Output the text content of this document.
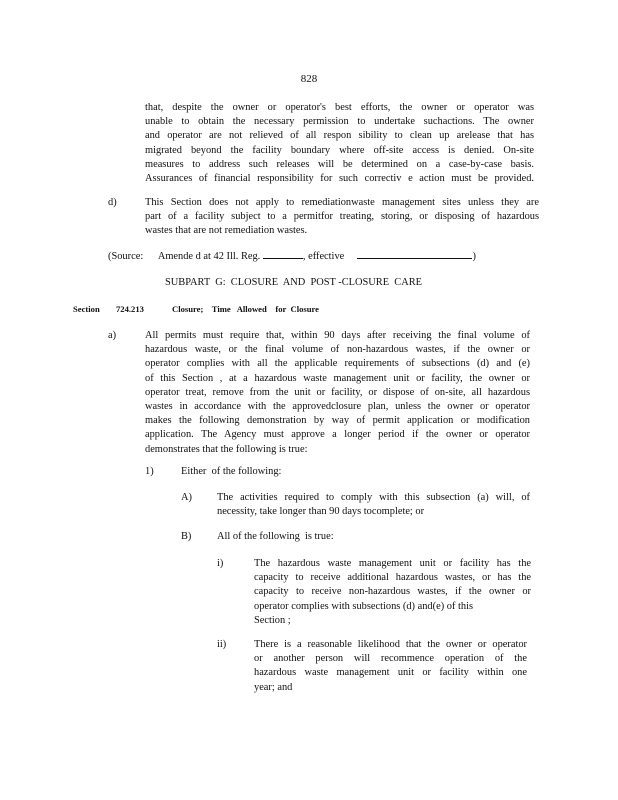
828
that, despite the owner or operator's best efforts, the owner or operator was
unable to obtain the necessary permission to undertake suchactions. The owner
and operator are not relieved of all respon sibility to clean up arelease that has
migrated beyond the facility boundary where off-site access is denied. On-site
measures to address such releases will be determined on a case-by-case basis.
Assurances of financial responsibility for such correctiv e action must be provided.
d)	This Section does not apply to remediationwaste management sites unless they are
part of a facility subject to a permitfor treating, storing, or disposing of hazardous
wastes that are not remediation wastes.
(Source: Amende d at 42 Ill. Reg.	, effective	)
SUBPART  G:  CLOSURE  AND  POST -CLOSURE  CARE
Section 724.213	Closure;    Time   Allowed    for  Closure
a)	All permits must require that, within 90 days after receiving the final volume of
hazardous waste, or the final volume of non-hazardous wastes, if the owner or
operator complies with all the applicable requirements of subsections (d) and (e)
of this Section , at a hazardous waste management unit or facility, the owner or
operator treat, remove from the unit or facility, or dispose of on-site, all hazardous
wastes in accordance with the approvedclosure plan, unless the owner or operator
makes the following demonstration by way of permit application or modification
application. The Agency must approve a longer period if the owner or operator
demonstrates that the following is true:
1)	Either  of the following:
A) The activities required to comply with this subsection (a) will, of
necessity, take longer than 90 days tocomplete; or
B) All of the following  is true:
i)	The hazardous waste management unit or facility has the
capacity to receive additional hazardous wastes, or has the
capacity to receive non-hazardous wastes, if the owner or
operator complies with subsections (d) and(e) of this
Section ;
ii)	There is a reasonable likelihood that the owner or operator
or another person will recommence operation of the
hazardous waste management unit or facility within one
year; and
